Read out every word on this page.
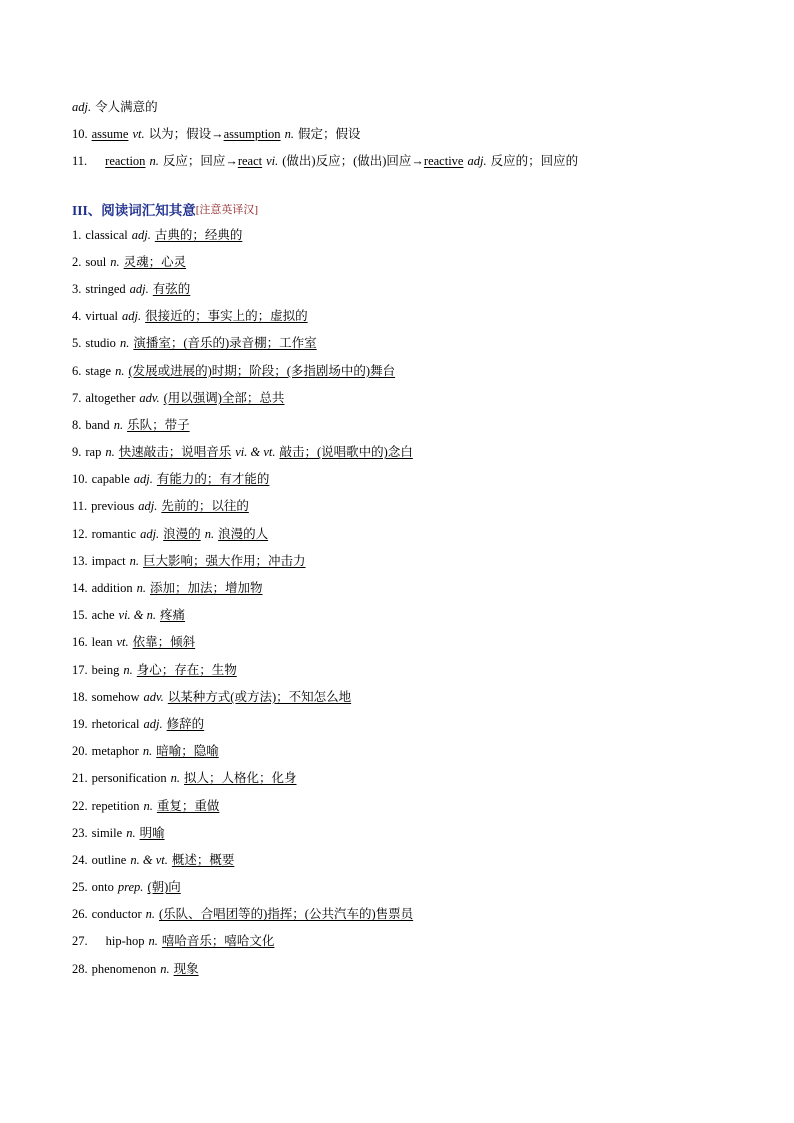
adj. 令人满意的
10. assume vt. 以为；假设→ assumption n. 假定；假设
11. reaction n. 反应；回应→ react vi. (做出)反应；(做出)回应→ reactive adj. 反应的；回应的
III、阅读词汇知其意 [注意英译汉]
1. classical adj. 古典的；经典的
2. soul n. 灵魂；心灵
3. stringed adj. 有弦的
4. virtual adj. 很接近的；事实上的；虚拟的
5. studio n. 演播室；(音乐的)录音棚；工作室
6. stage n. (发展或进展的)时期；阶段；(多指剧场中的)舞台
7. altogether adv. (用以强调)全部；总共
8. band n. 乐队；带子
9. rap n. 快速敲击；说唱音乐 vi. & vt. 敲击；(说唱歌中的)念白
10. capable adj. 有能力的；有才能的
11. previous adj. 先前的；以往的
12. romantic adj. 浪漫的 n. 浪漫的人
13. impact n. 巨大影响；强大作用；冲击力
14. addition n. 添加；加法；增加物
15. ache vi. & n. 疼痛
16. lean vt. 依靠；倾斜
17. being n. 身心；存在；生物
18. somehow adv. 以某种方式(或方法)；不知怎么地
19. rhetorical adj. 修辞的
20. metaphor n. 暗喻；隐喻
21. personification n. 拟人；人格化；化身
22. repetition n. 重复；重做
23. simile n. 明喻
24. outline n. & vt. 概述；概要
25. onto prep. (朝)向
26. conductor n. (乐队、合唱团等的)指挥；(公共汽车的)售票员
27. hip-hop n. 嘻哈音乐；嘻哈文化
28. phenomenon n. 现象
